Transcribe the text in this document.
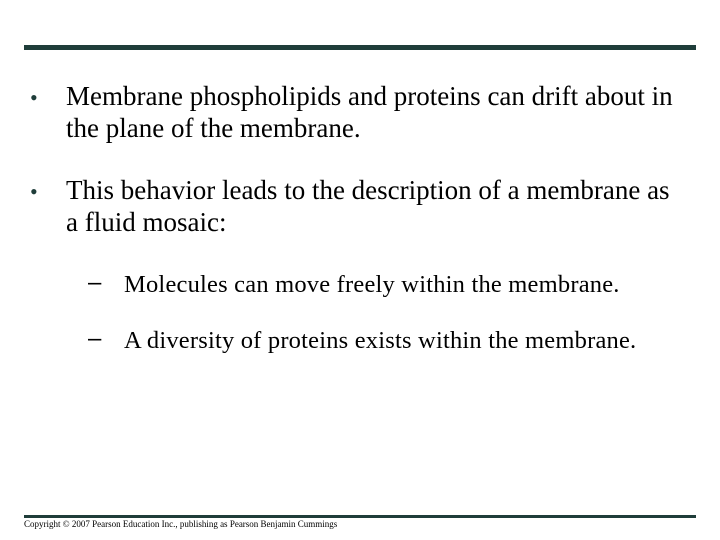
• Membrane phospholipids and proteins can drift about in the plane of the membrane.
• This behavior leads to the description of a membrane as a fluid mosaic:
– Molecules can move freely within the membrane.
– A diversity of proteins exists within the membrane.
Copyright © 2007 Pearson Education Inc., publishing as Pearson Benjamin Cummings
